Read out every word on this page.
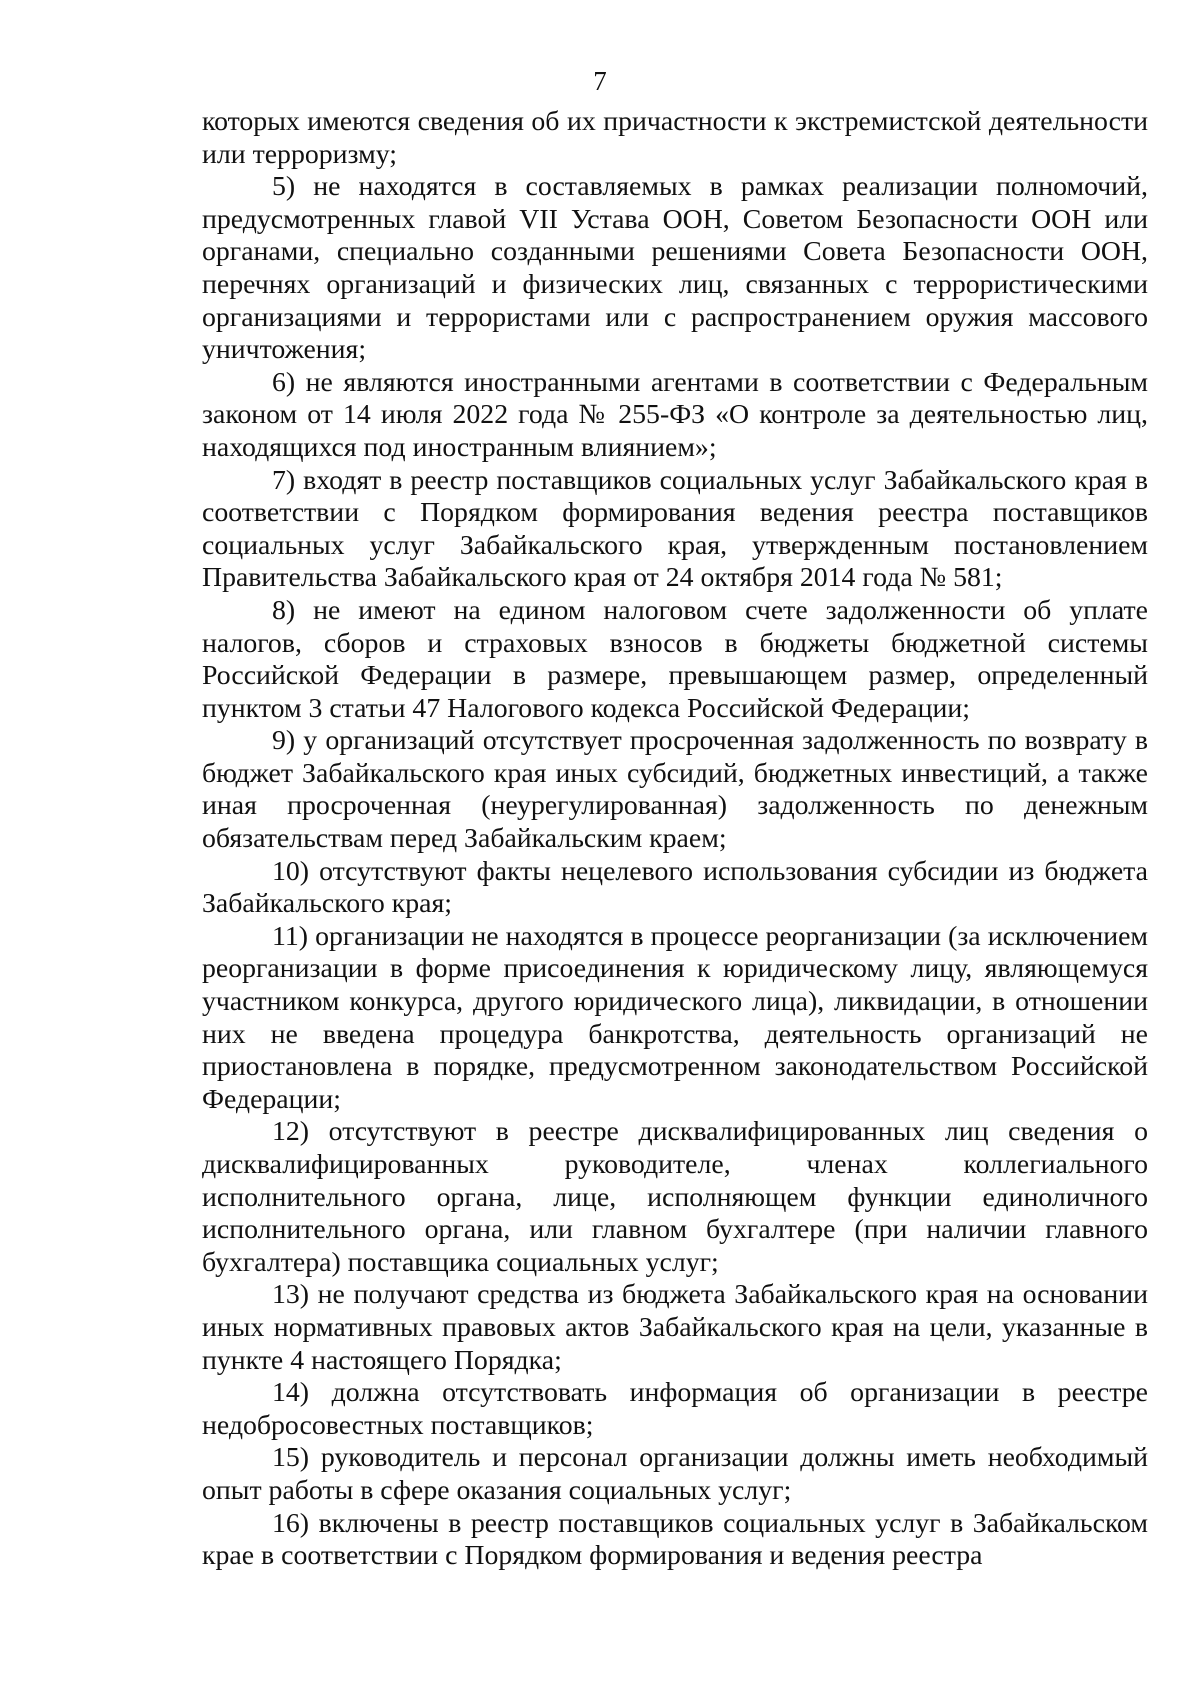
7

которых имеются сведения об их причастности к экстремистской деятельности или терроризму;

5) не находятся в составляемых в рамках реализации полномочий, предусмотренных главой VII Устава ООН, Советом Безопасности ООН или органами, специально созданными решениями Совета Безопасности ООН, перечнях организаций и физических лиц, связанных с террористическими организациями и террористами или с распространением оружия массового уничтожения;

6) не являются иностранными агентами в соответствии с Федеральным законом от 14 июля 2022 года № 255-ФЗ «О контроле за деятельностью лиц, находящихся под иностранным влиянием»;

7) входят в реестр поставщиков социальных услуг Забайкальского края в соответствии с Порядком формирования ведения реестра поставщиков социальных услуг Забайкальского края, утвержденным постановлением Правительства Забайкальского края от 24 октября 2014 года № 581;

8) не имеют на едином налоговом счете задолженности об уплате налогов, сборов и страховых взносов в бюджеты бюджетной системы Российской Федерации в размере, превышающем размер, определенный пунктом 3 статьи 47 Налогового кодекса Российской Федерации;

9) у организаций отсутствует просроченная задолженность по возврату в бюджет Забайкальского края иных субсидий, бюджетных инвестиций, а также иная просроченная (неурегулированная) задолженность по денежным обязательствам перед Забайкальским краем;

10) отсутствуют факты нецелевого использования субсидии из бюджета Забайкальского края;

11) организации не находятся в процессе реорганизации (за исключением реорганизации в форме присоединения к юридическому лицу, являющемуся участником конкурса, другого юридического лица), ликвидации, в отношении них не введена процедура банкротства, деятельность организаций не приостановлена в порядке, предусмотренном законодательством Российской Федерации;

12) отсутствуют в реестре дисквалифицированных лиц сведения о дисквалифицированных руководителе, членах коллегиального исполнительного органа, лице, исполняющем функции единоличного исполнительного органа, или главном бухгалтере (при наличии главного бухгалтера) поставщика социальных услуг;

13) не получают средства из бюджета Забайкальского края на основании иных нормативных правовых актов Забайкальского края на цели, указанные в пункте 4 настоящего Порядка;

14) должна отсутствовать информация об организации в реестре недобросовестных поставщиков;

15) руководитель и персонал организации должны иметь необходимый опыт работы в сфере оказания социальных услуг;

16) включены в реестр поставщиков социальных услуг в Забайкальском крае в соответствии с Порядком формирования и ведения реестра
